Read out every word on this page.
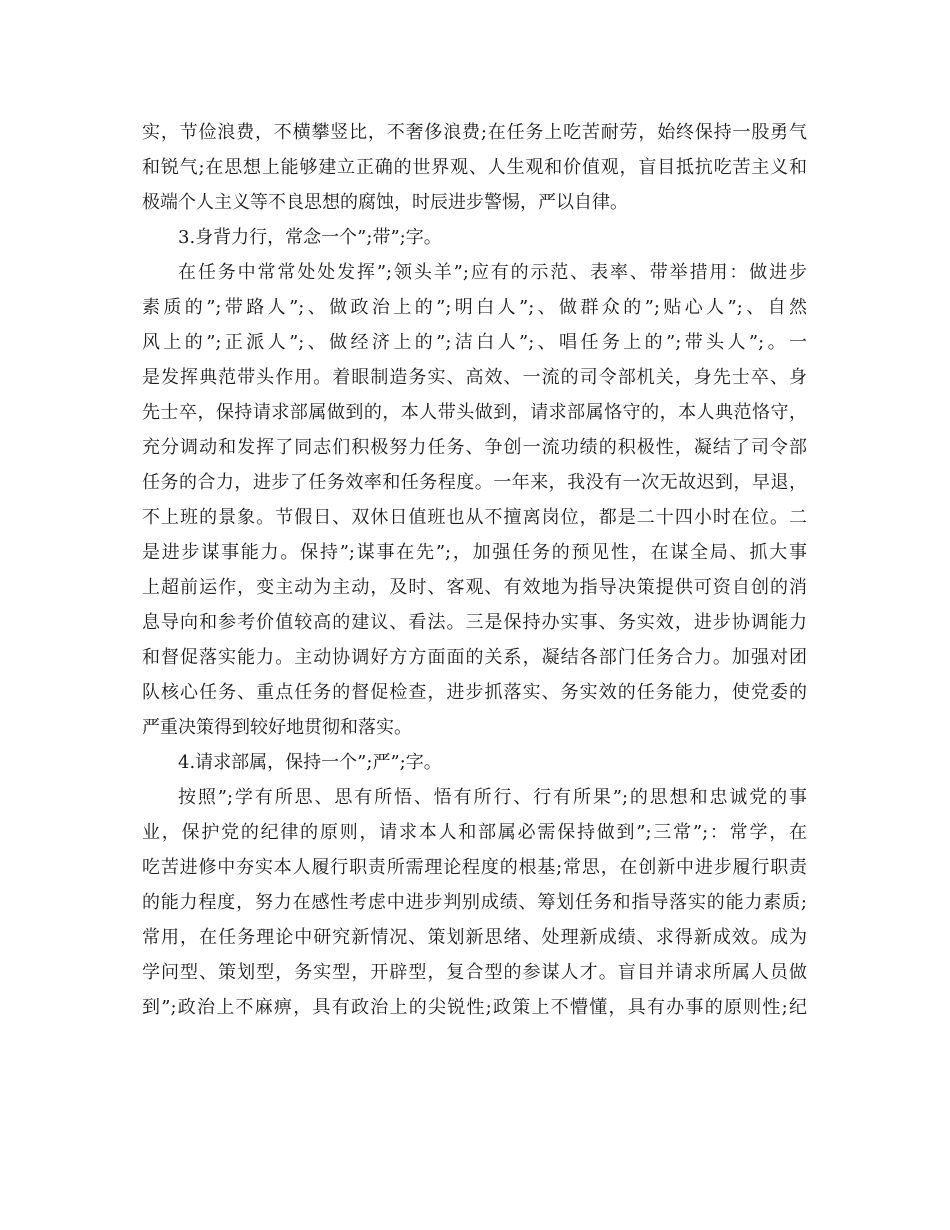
实，节俭浪费，不横攀竖比，不奢侈浪费;在任务上吃苦耐劳，始终保持一股勇气
和锐气;在思想上能够建立正确的世界观、人生观和价值观，盲目抵抗吃苦主义和
极端个人主义等不良思想的腐蚀，时辰进步警惕，严以自律。
3.身背力行，常念一个”;带”;字。
在任务中常常处处发挥”;领头羊”;应有的示范、表率、带举措用：做进步
素质的”;带路人”;、做政治上的”;明白人”;、做群众的”;贴心人”;、自然
风上的”;正派人”;、做经济上的”;洁白人”;、唱任务上的”;带头人”;。一
是发挥典范带头作用。着眼制造务实、高效、一流的司令部机关，身先士卒、身
先士卒，保持请求部属做到的，本人带头做到，请求部属恪守的，本人典范恪守，
充分调动和发挥了同志们积极努力任务、争创一流功绩的积极性，凝结了司令部
任务的合力，进步了任务效率和任务程度。一年来，我没有一次无故迟到，早退，
不上班的景象。节假日、双休日值班也从不擅离岗位，都是二十四小时在位。二
是进步谋事能力。保持”;谋事在先”;，加强任务的预见性，在谋全局、抓大事
上超前运作，变主动为主动，及时、客观、有效地为指导决策提供可资自创的消
息导向和参考价值较高的建议、看法。三是保持办实事、务实效，进步协调能力
和督促落实能力。主动协调好方方面面的关系，凝结各部门任务合力。加强对团
队核心任务、重点任务的督促检查，进步抓落实、务实效的任务能力，使党委的
严重决策得到较好地贯彻和落实。
4.请求部属，保持一个”;严”;字。
按照”;学有所思、思有所悟、悟有所行、行有所果”;的思想和忠诚党的事
业，保护党的纪律的原则，请求本人和部属必需保持做到”;三常”;：常学，在
吃苦进修中夯实本人履行职责所需理论程度的根基;常思，在创新中进步履行职责
的能力程度，努力在感性考虑中进步判别成绩、筹划任务和指导落实的能力素质;
常用，在任务理论中研究新情况、策划新思绪、处理新成绩、求得新成效。成为
学问型、策划型，务实型，开辟型，复合型的参谋人才。盲目并请求所属人员做
到”;政治上不麻痹，具有政治上的尖锐性;政策上不懵懂，具有办事的原则性;纪
